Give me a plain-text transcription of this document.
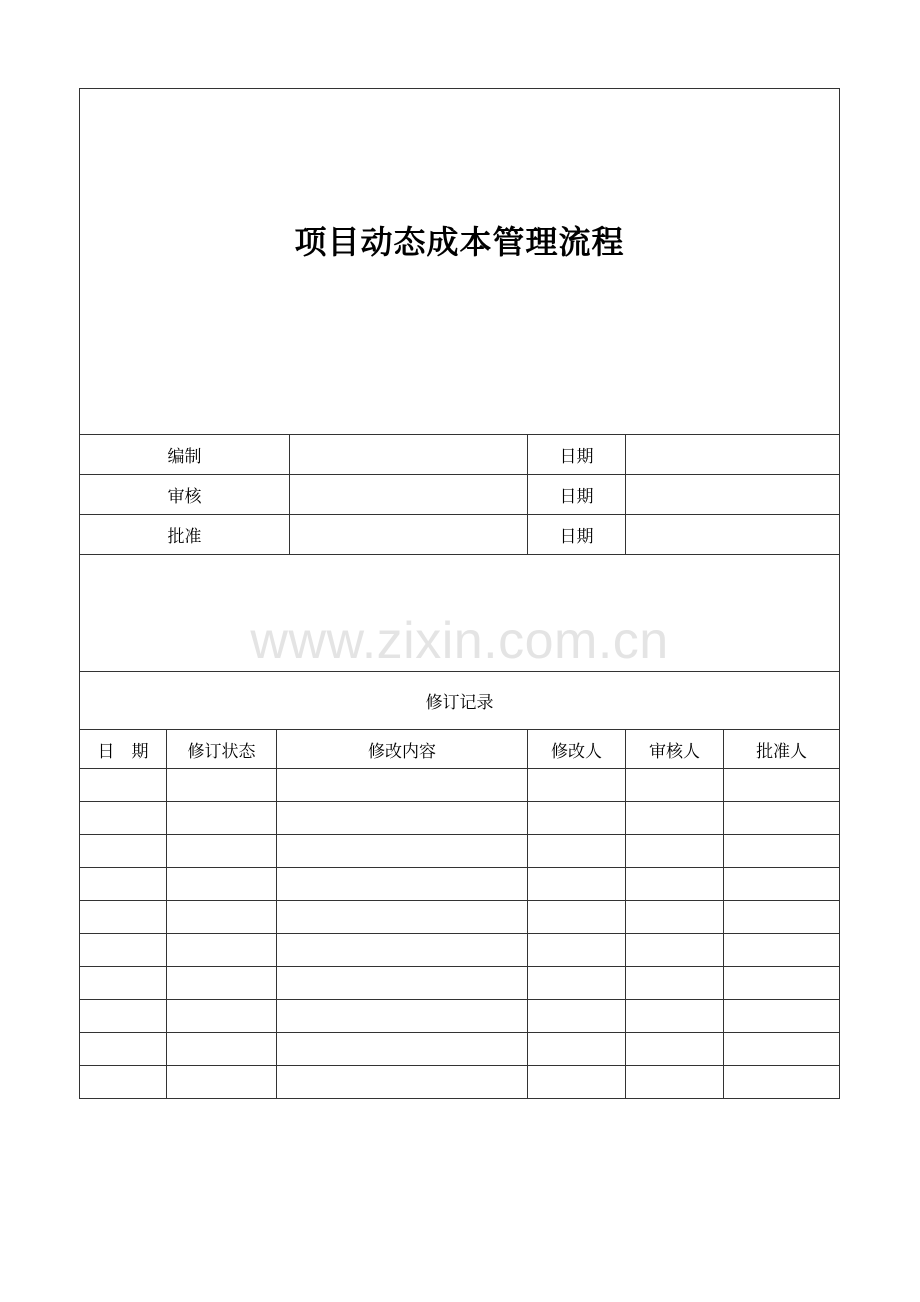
项目动态成本管理流程						
编制				日期		
审核				日期		
批准				日期		
www.zixin.com.cn						
修订记录						
日　期	修订状态	修改内容		修改人	审核人	批准人
